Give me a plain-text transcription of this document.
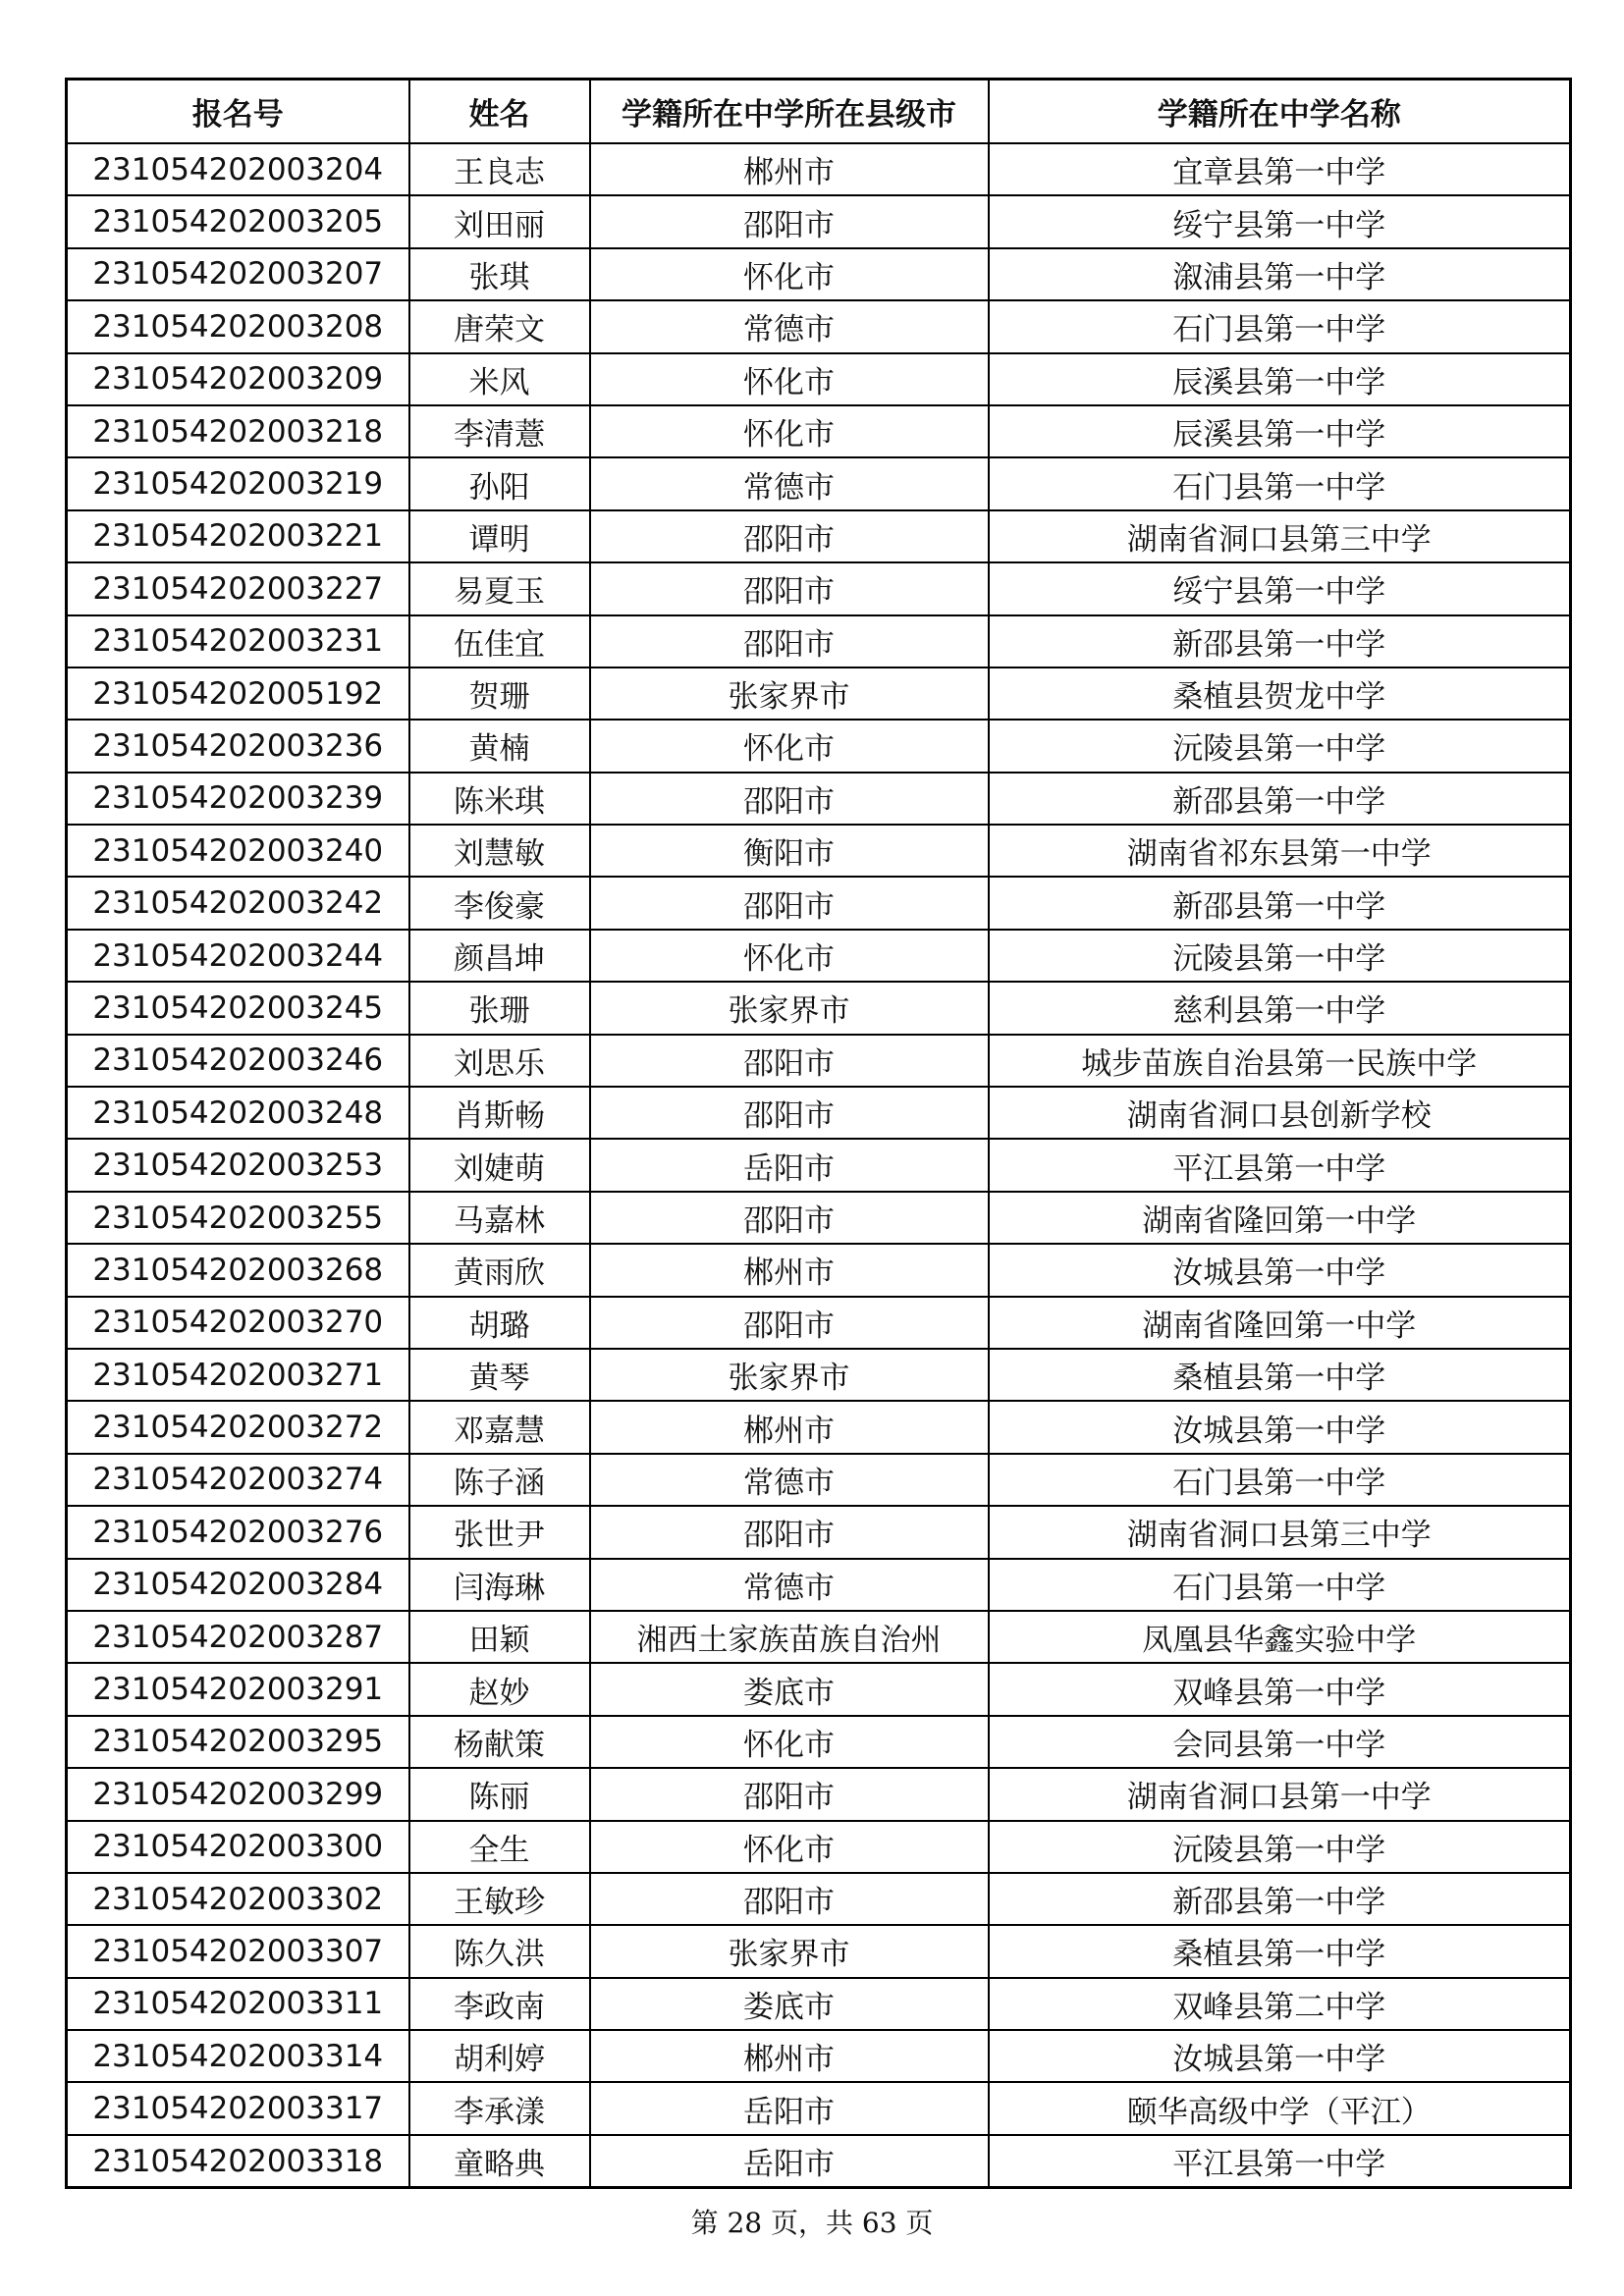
报名号	姓名	学籍所在中学所在县级市	学籍所在中学名称
231054202003204	王良志	郴州市	宜章县第一中学
231054202003205	刘田丽	邵阳市	绥宁县第一中学
231054202003207	张琪	怀化市	溆浦县第一中学
231054202003208	唐荣文	常德市	石门县第一中学
231054202003209	米风	怀化市	辰溪县第一中学
231054202003218	李清薏	怀化市	辰溪县第一中学
231054202003219	孙阳	常德市	石门县第一中学
231054202003221	谭明	邵阳市	湖南省洞口县第三中学
231054202003227	易夏玉	邵阳市	绥宁县第一中学
231054202003231	伍佳宜	邵阳市	新邵县第一中学
231054202005192	贺珊	张家界市	桑植县贺龙中学
231054202003236	黄楠	怀化市	沅陵县第一中学
231054202003239	陈米琪	邵阳市	新邵县第一中学
231054202003240	刘慧敏	衡阳市	湖南省祁东县第一中学
231054202003242	李俊豪	邵阳市	新邵县第一中学
231054202003244	颜昌坤	怀化市	沅陵县第一中学
231054202003245	张珊	张家界市	慈利县第一中学
231054202003246	刘思乐	邵阳市	城步苗族自治县第一民族中学
231054202003248	肖斯畅	邵阳市	湖南省洞口县创新学校
231054202003253	刘婕萌	岳阳市	平江县第一中学
231054202003255	马嘉林	邵阳市	湖南省隆回第一中学
231054202003268	黄雨欣	郴州市	汝城县第一中学
231054202003270	胡璐	邵阳市	湖南省隆回第一中学
231054202003271	黄琴	张家界市	桑植县第一中学
231054202003272	邓嘉慧	郴州市	汝城县第一中学
231054202003274	陈子涵	常德市	石门县第一中学
231054202003276	张世尹	邵阳市	湖南省洞口县第三中学
231054202003284	闫海琳	常德市	石门县第一中学
231054202003287	田颖	湘西土家族苗族自治州	凤凰县华鑫实验中学
231054202003291	赵妙	娄底市	双峰县第一中学
231054202003295	杨献策	怀化市	会同县第一中学
231054202003299	陈丽	邵阳市	湖南省洞口县第一中学
231054202003300	全生	怀化市	沅陵县第一中学
231054202003302	王敏珍	邵阳市	新邵县第一中学
231054202003307	陈久洪	张家界市	桑植县第一中学
231054202003311	李政南	娄底市	双峰县第二中学
231054202003314	胡利婷	郴州市	汝城县第一中学
231054202003317	李承漾	岳阳市	颐华高级中学（平江）
231054202003318	童略典	岳阳市	平江县第一中学
第 28 页，共 63 页
